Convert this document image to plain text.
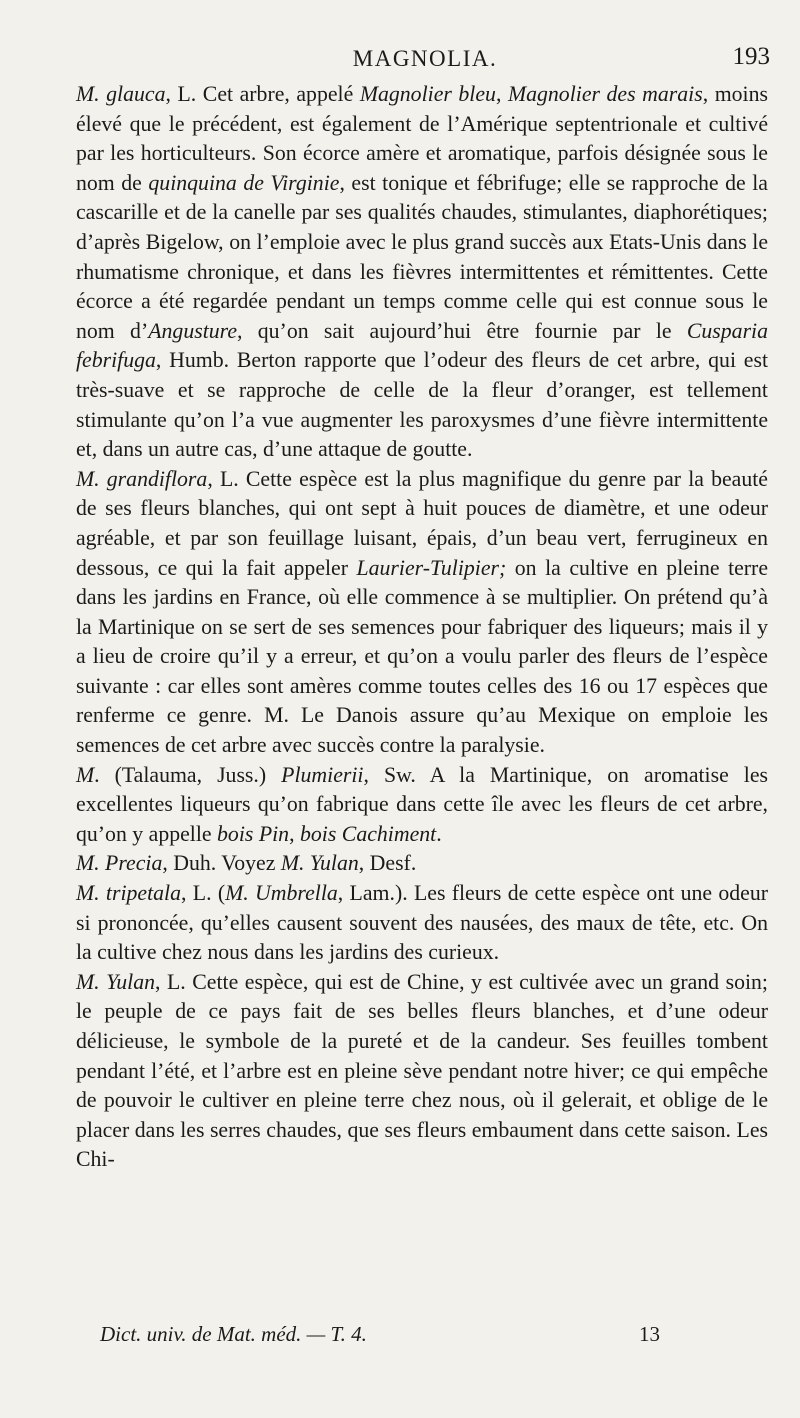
MAGNOLIA.	193

M. glauca, L. Cet arbre, appelé Magnolier bleu, Magnolier des marais, moins élevé que le précédent, est également de l’Amérique septentrionale et cultivé par les horticulteurs. Son écorce amère et aromatique, parfois désignée sous le nom de quinquina de Virginie, est tonique et fébrifuge; elle se rapproche de la cascarille et de la canelle par ses qualités chaudes, stimulantes, diaphorétiques; d’après Bigelow, on l’emploie avec le plus grand succès aux Etats-Unis dans le rhumatisme chronique, et dans les fièvres intermittentes et rémittentes. Cette écorce a été regardée pendant un temps comme celle qui est connue sous le nom d’Angusture, qu’on sait aujourd’hui être fournie par le Cusparia febrifuga, Humb. Berton rapporte que l’odeur des fleurs de cet arbre, qui est très-suave et se rapproche de celle de la fleur d’oranger, est tellement stimulante qu’on l’a vue augmenter les paroxysmes d’une fièvre intermittente et, dans un autre cas, d’une attaque de goutte.

M. grandiflora, L. Cette espèce est la plus magnifique du genre par la beauté de ses fleurs blanches, qui ont sept à huit pouces de diamètre, et une odeur agréable, et par son feuillage luisant, épais, d’un beau vert, ferrugineux en dessous, ce qui la fait appeler Laurier-Tulipier; on la cultive en pleine terre dans les jardins en France, où elle commence à se multiplier. On prétend qu’à la Martinique on se sert de ses semences pour fabriquer des liqueurs; mais il y a lieu de croire qu’il y a erreur, et qu’on a voulu parler des fleurs de l’espèce suivante : car elles sont amères comme toutes celles des 16 ou 17 espèces que renferme ce genre. M. Le Danois assure qu’au Mexique on emploie les semences de cet arbre avec succès contre la paralysie.

M. (Talauma, Juss.) Plumierii, Sw. A la Martinique, on aromatise les excellentes liqueurs qu’on fabrique dans cette île avec les fleurs de cet arbre, qu’on y appelle bois Pin, bois Cachiment.

M. Precia, Duh. Voyez M. Yulan, Desf.

M. tripetala, L. (M. Umbrella, Lam.). Les fleurs de cette espèce ont une odeur si prononcée, qu’elles causent souvent des nausées, des maux de tête, etc. On la cultive chez nous dans les jardins des curieux.

M. Yulan, L. Cette espèce, qui est de Chine, y est cultivée avec un grand soin; le peuple de ce pays fait de ses belles fleurs blanches, et d’une odeur délicieuse, le symbole de la pureté et de la candeur. Ses feuilles tombent pendant l’été, et l’arbre est en pleine sève pendant notre hiver; ce qui empêche de pouvoir le cultiver en pleine terre chez nous, où il gelerait, et oblige de le placer dans les serres chaudes, que ses fleurs embaument dans cette saison. Les Chi-

Dict. univ. de Mat. méd. — T. 4.	13
